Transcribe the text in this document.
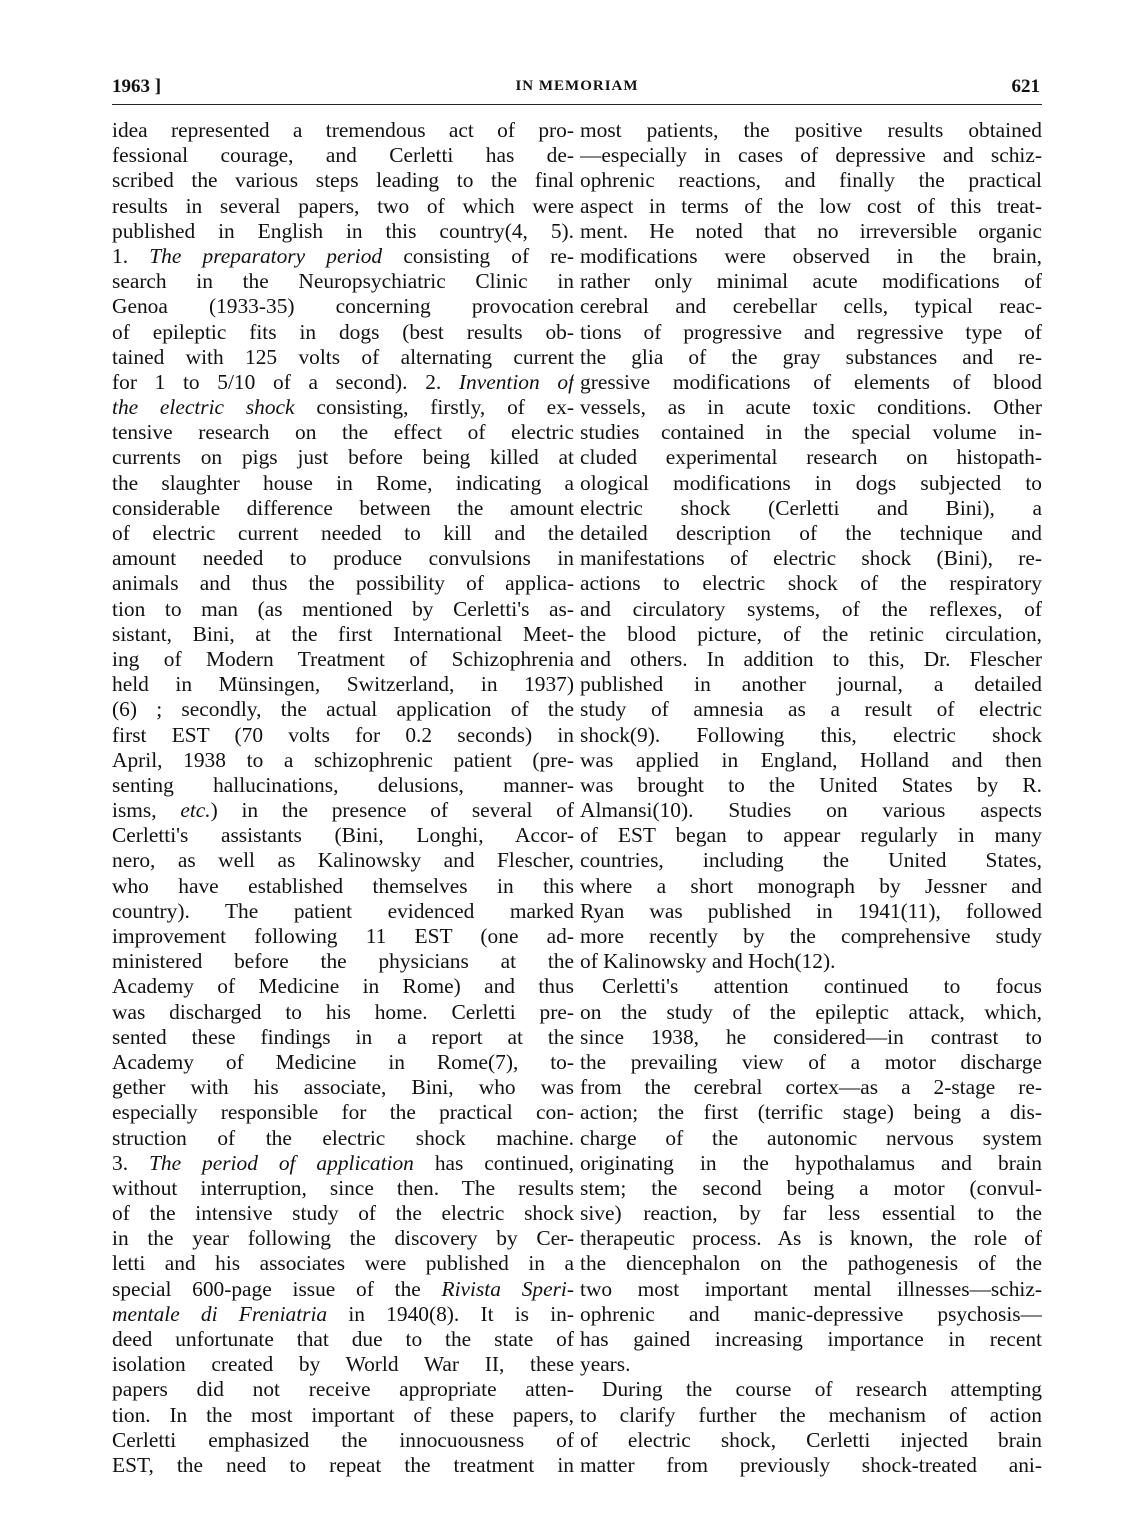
1963 ]	IN MEMORIAM	621
idea represented a tremendous act of pro-
fessional courage, and Cerletti has de-
scribed the various steps leading to the final
results in several papers, two of which were
published in English in this country(4, 5).
1. The preparatory period consisting of re-
search in the Neuropsychiatric Clinic in
Genoa (1933-35) concerning provocation
of epileptic fits in dogs (best results ob-
tained with 125 volts of alternating current
for 1 to 5/10 of a second). 2. Invention of
the electric shock consisting, firstly, of ex-
tensive research on the effect of electric
currents on pigs just before being killed at
the slaughter house in Rome, indicating a
considerable difference between the amount
of electric current needed to kill and the
amount needed to produce convulsions in
animals and thus the possibility of applica-
tion to man (as mentioned by Cerletti's as-
sistant, Bini, at the first International Meet-
ing of Modern Treatment of Schizophrenia
held in Münsingen, Switzerland, in 1937)
(6) ; secondly, the actual application of the
first EST (70 volts for 0.2 seconds) in
April, 1938 to a schizophrenic patient (pre-
senting hallucinations, delusions, manner-
isms, etc.) in the presence of several of
Cerletti's assistants (Bini, Longhi, Accor-
nero, as well as Kalinowsky and Flescher,
who have established themselves in this
country). The patient evidenced marked
improvement following 11 EST (one ad-
ministered before the physicians at the
Academy of Medicine in Rome) and thus
was discharged to his home. Cerletti pre-
sented these findings in a report at the
Academy of Medicine in Rome(7), to-
gether with his associate, Bini, who was
especially responsible for the practical con-
struction of the electric shock machine.
3. The period of application has continued,
without interruption, since then. The results
of the intensive study of the electric shock
in the year following the discovery by Cer-
letti and his associates were published in a
special 600-page issue of the Rivista Speri-
mentale di Freniatria in 1940(8). It is in-
deed unfortunate that due to the state of
isolation created by World War II, these
papers did not receive appropriate atten-
tion. In the most important of these papers,
Cerletti emphasized the innocuousness of
EST, the need to repeat the treatment in
most patients, the positive results obtained
—especially in cases of depressive and schiz-
ophrenic reactions, and finally the practical
aspect in terms of the low cost of this treat-
ment. He noted that no irreversible organic
modifications were observed in the brain,
rather only minimal acute modifications of
cerebral and cerebellar cells, typical reac-
tions of progressive and regressive type of
the glia of the gray substances and re-
gressive modifications of elements of blood
vessels, as in acute toxic conditions. Other
studies contained in the special volume in-
cluded experimental research on histopath-
ological modifications in dogs subjected to
electric shock (Cerletti and Bini), a
detailed description of the technique and
manifestations of electric shock (Bini), re-
actions to electric shock of the respiratory
and circulatory systems, of the reflexes, of
the blood picture, of the retinic circulation,
and others. In addition to this, Dr. Flescher
published in another journal, a detailed
study of amnesia as a result of electric
shock(9). Following this, electric shock
was applied in England, Holland and then
was brought to the United States by R.
Almansi(10). Studies on various aspects
of EST began to appear regularly in many
countries, including the United States,
where a short monograph by Jessner and
Ryan was published in 1941(11), followed
more recently by the comprehensive study
of Kalinowsky and Hoch(12).
Cerletti's attention continued to focus
on the study of the epileptic attack, which,
since 1938, he considered—in contrast to
the prevailing view of a motor discharge
from the cerebral cortex—as a 2-stage re-
action; the first (terrific stage) being a dis-
charge of the autonomic nervous system
originating in the hypothalamus and brain
stem; the second being a motor (convul-
sive) reaction, by far less essential to the
therapeutic process. As is known, the role of
the diencephalon on the pathogenesis of the
two most important mental illnesses—schiz-
ophrenic and manic-depressive psychosis—
has gained increasing importance in recent
years.
During the course of research attempting
to clarify further the mechanism of action
of electric shock, Cerletti injected brain
matter from previously shock-treated ani-
